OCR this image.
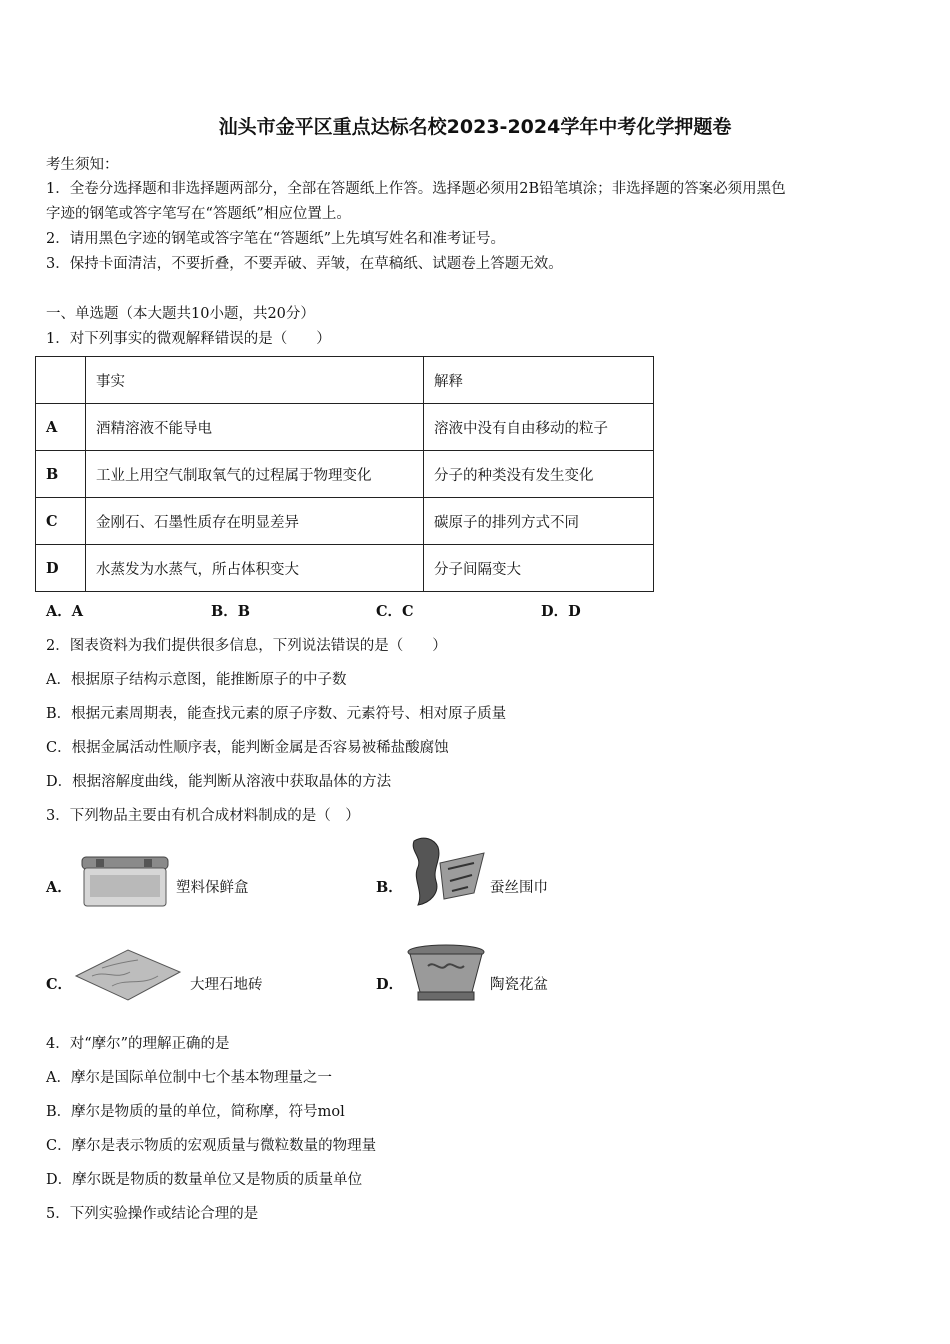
汕头市金平区重点达标名校2023-2024学年中考化学押题卷
考生须知：
1．全卷分选择题和非选择题两部分，全部在答题纸上作答。选择题必须用2B铅笔填涂；非选择题的答案必须用黑色
字迹的钢笔或答字笔写在“答题纸”相应位置上。
2．请用黑色字迹的钢笔或答字笔在“答题纸”上先填写姓名和准考证号。
3．保持卡面清洁，不要折叠，不要弄破、弄皱，在草稿纸、试题卷上答题无效。
一、单选题（本大题共10小题，共20分）
1．对下列事实的微观解释错误的是（　　）
	事实	解释
A	酒精溶液不能导电	溶液中没有自由移动的粒子
B	工业上用空气制取氧气的过程属于物理变化	分子的种类没有发生变化
C	金刚石、石墨性质存在明显差异	碳原子的排列方式不同
D	水蒸发为水蒸气，所占体积变大	分子间隔变大
A．A	B．B	C．C	D．D
2．图表资料为我们提供很多信息，下列说法错误的是（　　）
A．根据原子结构示意图，能推断原子的中子数
B．根据元素周期表，能查找元素的原子序数、元素符号、相对原子质量
C．根据金属活动性顺序表，能判断金属是否容易被稀盐酸腐蚀
D．根据溶解度曲线，能判断从溶液中获取晶体的方法
3．下列物品主要由有机合成材料制成的是（　）
A．	塑料保鲜盒	B．	蚕丝围巾
C．	大理石地砖	D．	陶瓷花盆
4．对“摩尔”的理解正确的是
A．摩尔是国际单位制中七个基本物理量之一
B．摩尔是物质的量的单位，简称摩，符号mol
C．摩尔是表示物质的宏观质量与微粒数量的物理量
D．摩尔既是物质的数量单位又是物质的质量单位
5．下列实验操作或结论合理的是
